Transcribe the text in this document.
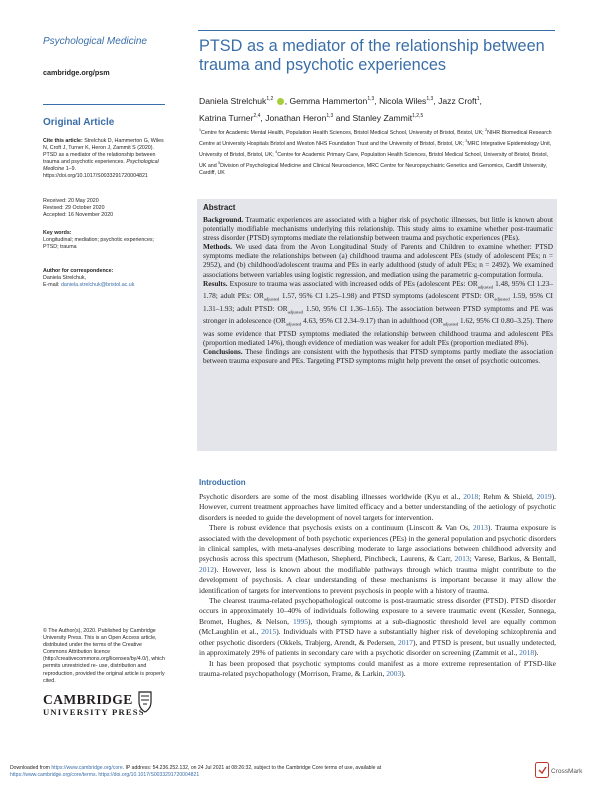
Psychological Medicine
cambridge.org/psm
Original Article
Cite this article: Strelchuk D, Hammerton G, Wiles N, Croft J, Turner K, Heron J, Zammit S (2020). PTSD as a mediator of the relationship between trauma and psychotic experiences. Psychological Medicine 1–9. https://doi.org/10.1017/S0033291720004821
Received: 20 May 2020
Revised: 29 October 2020
Accepted: 16 November 2020
Key words:
Longitudinal; mediation; psychotic experiences; PTSD; trauma
Author for correspondence:
Daniela Strelchuk,
E-mail: daniela.strelchuk@bristol.ac.uk
© The Author(s), 2020. Published by Cambridge University Press. This is an Open Access article, distributed under the terms of the Creative Commons Attribution licence (http://creativecommons.org/licenses/by/4.0/), which permits unrestricted re- use, distribution and reproduction, provided the original article is properly cited.
CAMBRIDGE
UNIVERSITY PRESS
PTSD as a mediator of the relationship between trauma and psychotic experiences
Daniela Strelchuk$^{1,2}$ , Gemma Hammerton$^{1,3}$, Nicola Wiles$^{1,3}$, Jazz Croft$^1$,
Katrina Turner$^{2,4}$, Jonathan Heron$^{1,3}$ and Stanley Zammit$^{1,2,5}$
$^1$Centre for Academic Mental Health, Population Health Sciences, Bristol Medical School, University of Bristol, Bristol, UK; $^2$NIHR Biomedical Research Centre at University Hospitals Bristol and Weston NHS Foundation Trust and the University of Bristol, Bristol, UK; $^3$MRC Integrative Epidemiology Unit, University of Bristol, Bristol, UK; $^4$Centre for Academic Primary Care, Population Health Sciences, Bristol Medical School, University of Bristol, Bristol, UK and $^5$Division of Psychological Medicine and Clinical Neuroscience, MRC Centre for Neuropsychiatric Genetics and Genomics, Cardiff University, Cardiff, UK
Abstract

Background. Traumatic experiences are associated with a higher risk of psychotic illnesses, but little is known about potentially modifiable mechanisms underlying this relationship. This study aims to examine whether post-traumatic stress disorder (PTSD) symptoms mediate the relationship between trauma and psychotic experiences (PEs).

Methods. We used data from the Avon Longitudinal Study of Parents and Children to examine whether: PTSD symptoms mediate the relationships between (a) childhood trauma and adolescent PEs (study of adolescent PEs; n = 2952), and (b) childhood/adolescent trauma and PEs in early adulthood (study of adult PEs; n = 2492). We examined associations between variables using logistic regression, and mediation using the parametric g-computation formula.

Results. Exposure to trauma was associated with increased odds of PEs (adolescent PEs: $OR_{adjusted}$ 1.48, 95% CI 1.23–1.78; adult PEs: $OR_{adjusted}$ 1.57, 95% CI 1.25–1.98) and PTSD symptoms (adolescent PTSD: $OR_{adjusted}$ 1.59, 95% CI 1.31–1.93; adult PTSD: $OR_{adjusted}$ 1.50, 95% CI 1.36–1.65). The association between PTSD symptoms and PE was stronger in adolescence ($OR_{adjusted}$ 4.63, 95% CI 2.34–9.17) than in adulthood ($OR_{adjusted}$ 1.62, 95% CI 0.80–3.25). There was some evidence that PTSD symptoms mediated the relationship between childhood trauma and adolescent PEs (proportion mediated 14%), though evidence of mediation was weaker for adult PEs (proportion mediated 8%).

Conclusions. These findings are consistent with the hypothesis that PTSD symptoms partly mediate the association between trauma exposure and PEs. Targeting PTSD symptoms might help prevent the onset of psychotic outcomes.

Introduction

Psychotic disorders are some of the most disabling illnesses worldwide (Kyu et al., 2018; Rehm & Shield, 2019). However, current treatment approaches have limited efficacy and a better understanding of the aetiology of psychotic disorders is needed to guide the development of novel targets for intervention.

There is robust evidence that psychosis exists on a continuum (Linscott & Van Os, 2013). Trauma exposure is associated with the development of both psychotic experiences (PEs) in the general population and psychotic disorders in clinical samples, with meta-analyses describing moderate to large associations between childhood adversity and psychosis across this spectrum (Matheson, Shepherd, Pinchbeck, Laurens, & Carr, 2013; Varese, Barkus, & Bentall, 2012). However, less is known about the modifiable pathways through which trauma might contribute to the development of psychosis. A clear understanding of these mechanisms is important because it may allow the identification of targets for interventions to prevent psychosis in people with a history of trauma.

The clearest trauma-related psychopathological outcome is post-traumatic stress disorder (PTSD). PTSD disorder occurs in approximately 10–40% of individuals following exposure to a severe traumatic event (Kessler, Sonnega, Bromet, Hughes, & Nelson, 1995), though symptoms at a sub-diagnostic threshold level are equally common (McLaughlin et al., 2015). Individuals with PTSD have a substantially higher risk of developing schizophrenia and other psychotic disorders (Okkels, Trabjerg, Arendt, & Pedersen, 2017), and PTSD is present, but usually undetected, in approximately 29% of patients in secondary care with a psychotic disorder on screening (Zammit et al., 2018).

It has been proposed that psychotic symptoms could manifest as a more extreme representation of PTSD-like trauma-related psychopathology (Morrison, Frame, & Larkin, 2003).

Downloaded from https://www.cambridge.org/core. IP address: 54.236.252.132, on 24 Jul 2021 at 08:26:32, subject to the Cambridge Core terms of use, available at
https://www.cambridge.org/core/terms. https://doi.org/10.1017/S0033291720004821	CrossMark
